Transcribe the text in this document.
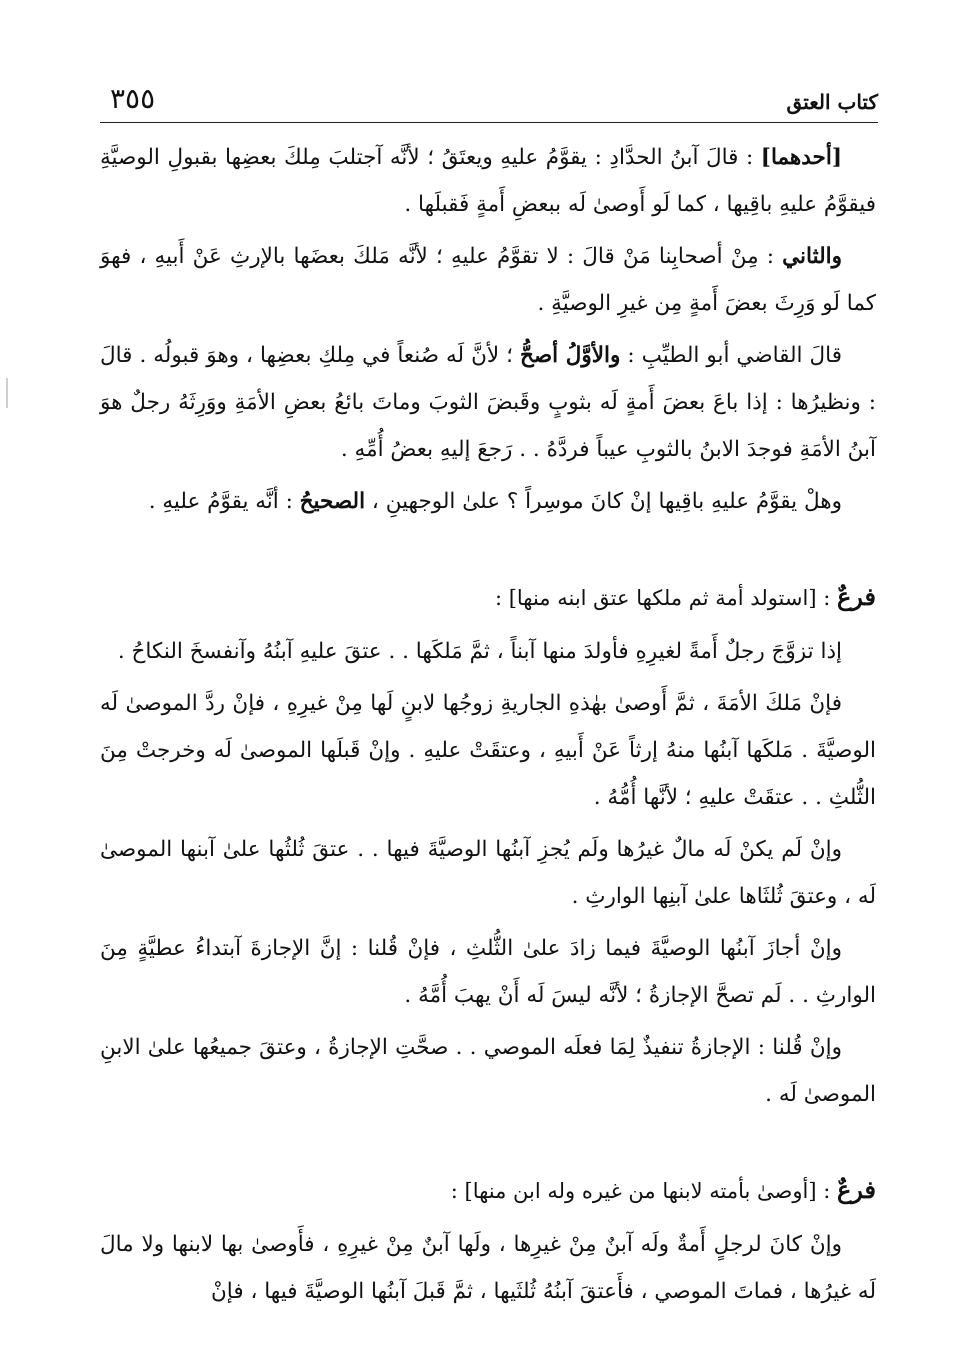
كتاب العتق
٣٥٥

[أحدهما] : قالَ آبنُ الحدَّادِ : يقوَّمُ عليهِ ويعتَقُ ؛ لأنَّه آجتلبَ مِلكَ بعضِها بقبولِ الوصيَّةِ فيقوَّمُ عليهِ باقِيها ، كما لَو أَوصىٰ لَه ببعضِ أَمةٍ فَقبلَها .

والثاني : مِنْ أصحابِنا مَنْ قالَ : لا تقوَّمُ عليهِ ؛ لأنَّه مَلكَ بعضَها بالإرثِ عَنْ أَبيهِ ، فهوَ كما لَو وَرِثَ بعضَ أَمةٍ مِن غيرِ الوصيَّةِ .

قالَ القاضي أبو الطيِّبِ : والأوَّلُ أصحُّ ؛ لأنَّ لَه صُنعاً في مِلكِ بعضِها ، وهوَ قبولُه . قالَ : ونظيرُها : إذا باعَ بعضَ أَمةٍ لَه بثوبٍ وقَبضَ الثوبَ وماتَ بائعُ بعضِ الأمَةِ ووَرِثَهُ رجلٌ هوَ آبنُ الأمَةِ فوجدَ الابنُ بالثوبِ عيباً فردَّهُ . . رَجعَ إليهِ بعضُ أُمِّهِ .

وهلْ يقوَّمُ عليهِ باقِيها إنْ كانَ موسِراً ؟ علىٰ الوجهينِ ، الصحيحُ : أنَّه يقوَّمُ عليهِ .

فرعٌ : [استولد أمة ثم ملكها عتق ابنه منها] :

إذا تزوَّجَ رجلٌ أَمةً لغيرِهِ فأولدَ منها آبناً ، ثمَّ مَلكَها . . عتقَ عليهِ آبنُهُ وآنفسخَ النكاحُ .

فإنْ مَلكَ الأمَةَ ، ثمَّ أَوصىٰ بهٰذهِ الجاريةِ زوجُها لابنٍ لَها مِنْ غيرِهِ ، فإنْ ردَّ الموصىٰ لَه الوصيَّةَ . مَلكَها آبنُها منهُ إرثاً عَنْ أَبيهِ ، وعتقَتْ عليهِ . وإنْ قَبلَها الموصىٰ لَه وخرجتْ مِنَ الثُّلثِ . . عتقَتْ عليهِ ؛ لأنَّها أُمُّهُ .

وإنْ لَم يكنْ لَه مالٌ غيرُها ولَم يُجزِ آبنُها الوصيَّةَ فيها . . عتقَ ثُلثُها علىٰ آبنها الموصىٰ لَه ، وعتقَ ثُلثَاها علىٰ آبنِها الوارثِ .

وإنْ أجازَ آبنُها الوصيَّةَ فيما زادَ علىٰ الثُّلثِ ، فإنْ قُلنا : إنَّ الإجازةَ آبتداءُ عطيَّةٍ مِنَ الوارثِ . . لَم تصحَّ الإجازةُ ؛ لأنَّه ليسَ لَه أَنْ يهبَ أُمَّهُ .

وإنْ قُلنا : الإجازةُ تنفيذٌ لِمَا فعلَه الموصي . . صحَّتِ الإجازةُ ، وعتقَ جميعُها علىٰ الابنِ الموصىٰ لَه .

فرعٌ : [أوصىٰ بأمته لابنها من غيره وله ابن منها] :

وإنْ كانَ لرجلٍ أَمةٌ ولَه آبنٌ مِنْ غيرِها ، ولَها آبنٌ مِنْ غيرِهِ ، فأَوصىٰ بها لابنها ولا مالَ لَه غيرُها ، فماتَ الموصي ، فأَعتقَ آبنُهُ ثُلثَيها ، ثمَّ قَبلَ آبنُها الوصيَّةَ فيها ، فإنْ
